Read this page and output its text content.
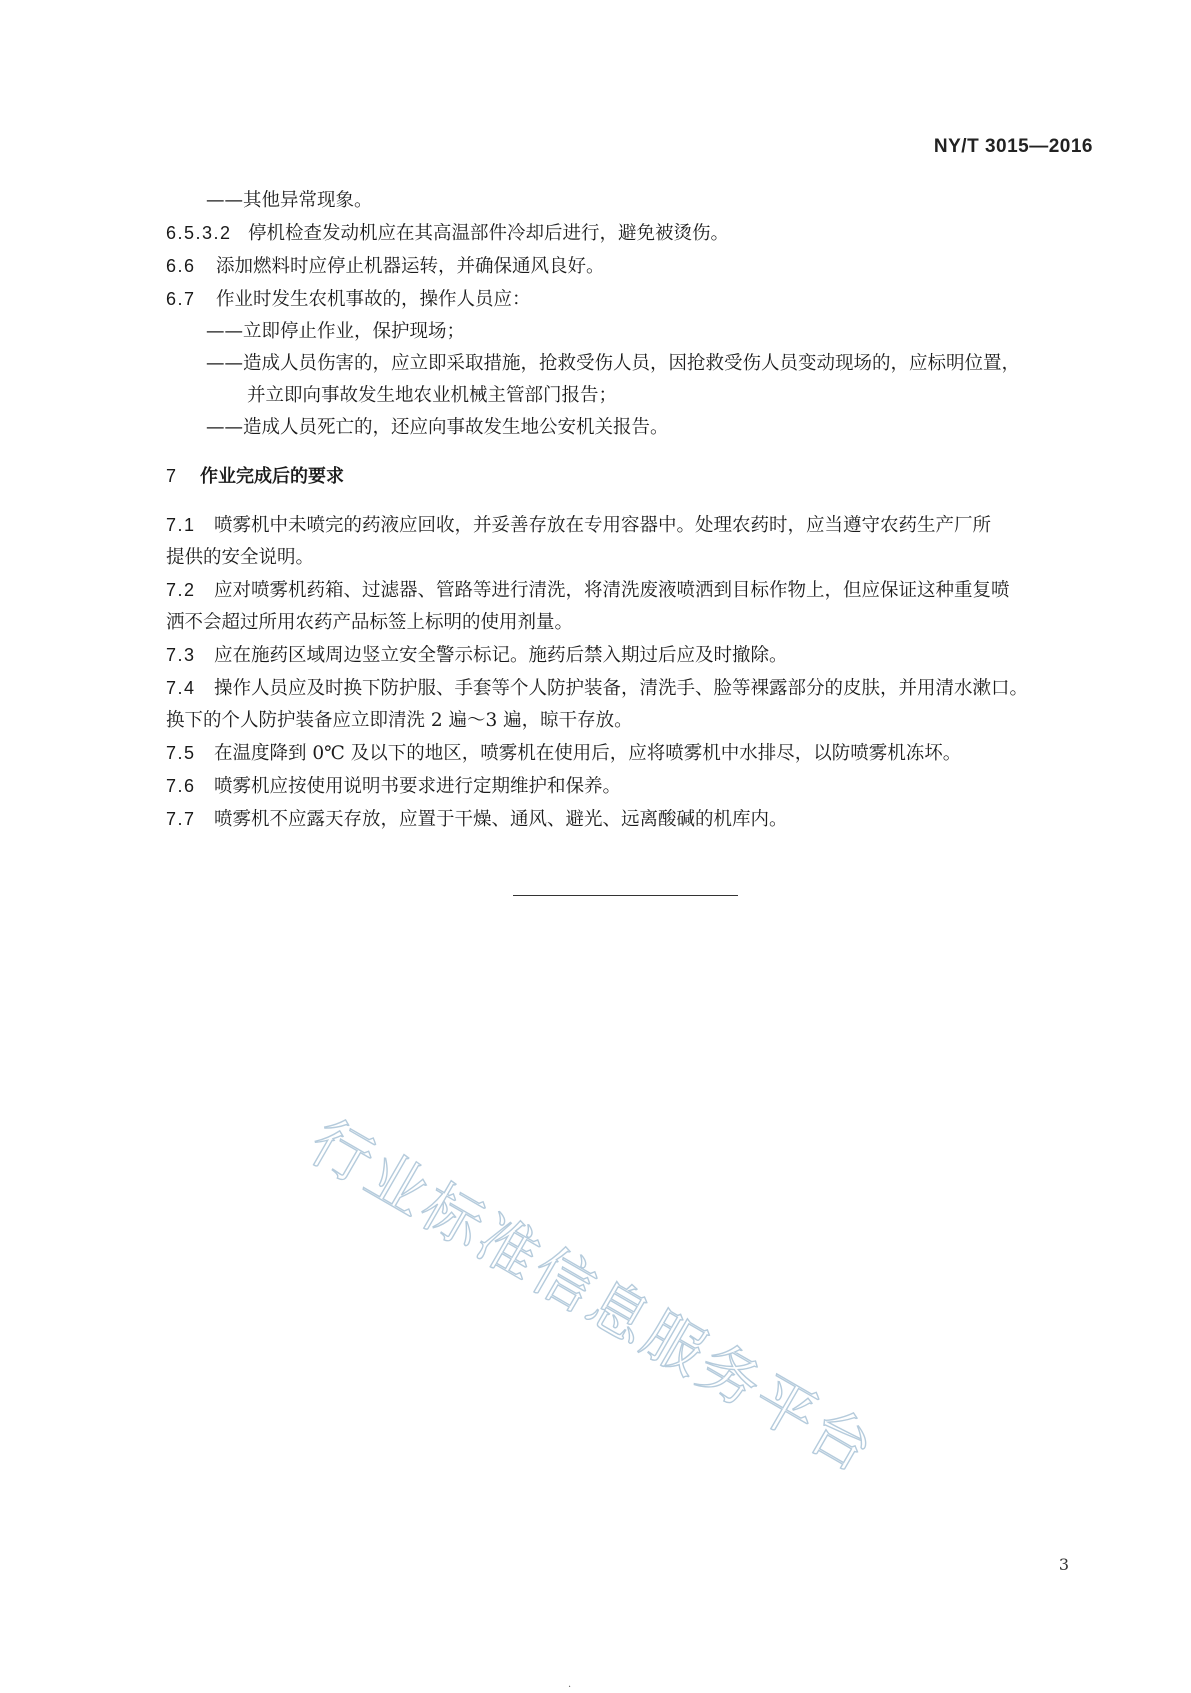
NY/T 3015—2016
——其他异常现象。
6.5.3.2 停机检查发动机应在其高温部件冷却后进行，避免被烫伤。
6.6 添加燃料时应停止机器运转，并确保通风良好。
6.7 作业时发生农机事故的，操作人员应：
——立即停止作业，保护现场；
——造成人员伤害的，应立即采取措施，抢救受伤人员，因抢救受伤人员变动现场的，应标明位置，
并立即向事故发生地农业机械主管部门报告；
——造成人员死亡的，还应向事故发生地公安机关报告。
7 作业完成后的要求
7.1 喷雾机中未喷完的药液应回收，并妥善存放在专用容器中。处理农药时，应当遵守农药生产厂所
提供的安全说明。
7.2 应对喷雾机药箱、过滤器、管路等进行清洗，将清洗废液喷洒到目标作物上，但应保证这种重复喷
洒不会超过所用农药产品标签上标明的使用剂量。
7.3 应在施药区域周边竖立安全警示标记。施药后禁入期过后应及时撤除。
7.4 操作人员应及时换下防护服、手套等个人防护装备，清洗手、脸等裸露部分的皮肤，并用清水漱口。
换下的个人防护装备应立即清洗 2 遍～3 遍，晾干存放。
7.5 在温度降到 0℃ 及以下的地区，喷雾机在使用后，应将喷雾机中水排尽，以防喷雾机冻坏。
7.6 喷雾机应按使用说明书要求进行定期维护和保养。
7.7 喷雾机不应露天存放，应置于干燥、通风、避光、远离酸碱的机库内。
行业标准信息服务平台
3
·
